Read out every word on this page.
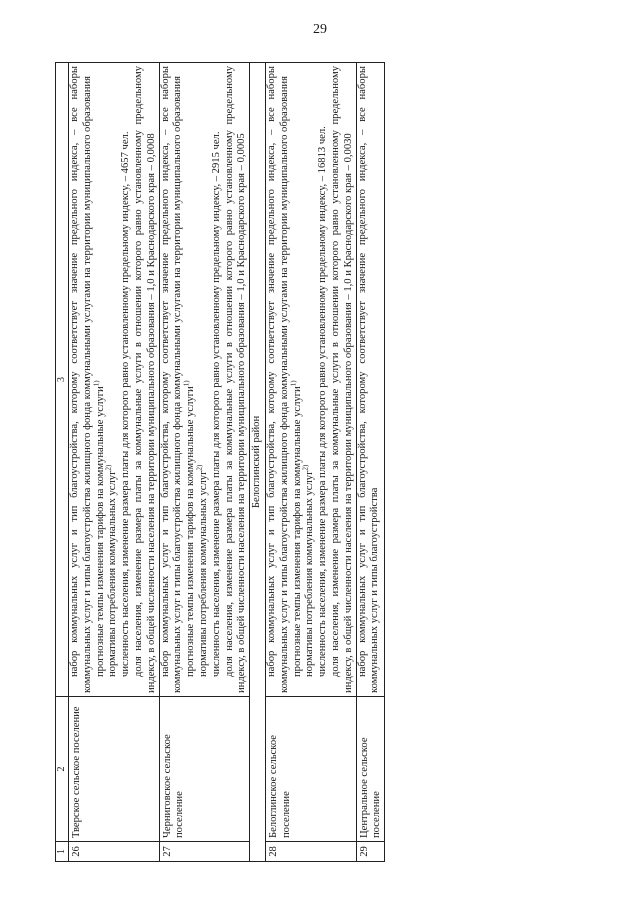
29
1	2	3
26	Тверское сельское поселение	набор коммунальных услуг и тип благоустройства, которому соответствует значение предельного индекса, – все наборы коммунальных услуг и типы благоустройства жилищного фонда коммунальными услугами на территории муниципального образования прогнозные темпы изменения тарифов на коммунальные услуги$^{1)}$
нормативы потребления коммунальных услуг$^{2)}$ численность населения, изменение размера платы для которого равно установленному предельному индексу, – 4657 чел. доля населения, изменение размера платы за коммунальные услуги в отношении которого равно установленному предельному индексу, в общей численности населения на территории муниципального образования – 1,0 и Краснодарского края – 0,0008

27	Черниговское сельское поселение	набор коммунальных услуг и тип благоустройства, которому соответствует значение предельного индекса, – все наборы коммунальных услуг и типы благоустройства жилищного фонда коммунальными услугами на территории муниципального образования прогнозные темпы изменения тарифов на коммунальные услуги$^{1)}$
нормативы потребления коммунальных услуг$^{2)}$ численность населения, изменение размера платы для которого равно установленному предельному индексу, – 2915 чел. доля населения, изменение размера платы за коммунальные услуги в отношении которого равно установленному предельному индексу, в общей численности населения на территории муниципального образования – 1,0 и Краснодарского края – 0,0005

Белоглинский район		
28	Белоглинское сельское поселение	набор коммунальных услуг и тип благоустройства, которому соответствует значение предельного индекса, – все наборы коммунальных услуг и типы благоустройства жилищного фонда коммунальными услугами на территории муниципального образования прогнозные темпы изменения тарифов на коммунальные услуги$^{1)}$
нормативы потребления коммунальных услуг$^{2)}$ численность населения, изменение размера платы для которого равно установленному предельному индексу, – 16813 чел. доля населения, изменение размера платы за коммунальные услуги в отношении которого равно установленному предельному индексу, в общей численности населения на территории муниципального образования – 1,0 и Краснодарского края – 0,0030

29	Центральное сельское поселение	набор коммунальных услуг и тип благоустройства, которому соответствует значение предельного индекса, – все наборы коммунальных услуг и типы благоустройства
